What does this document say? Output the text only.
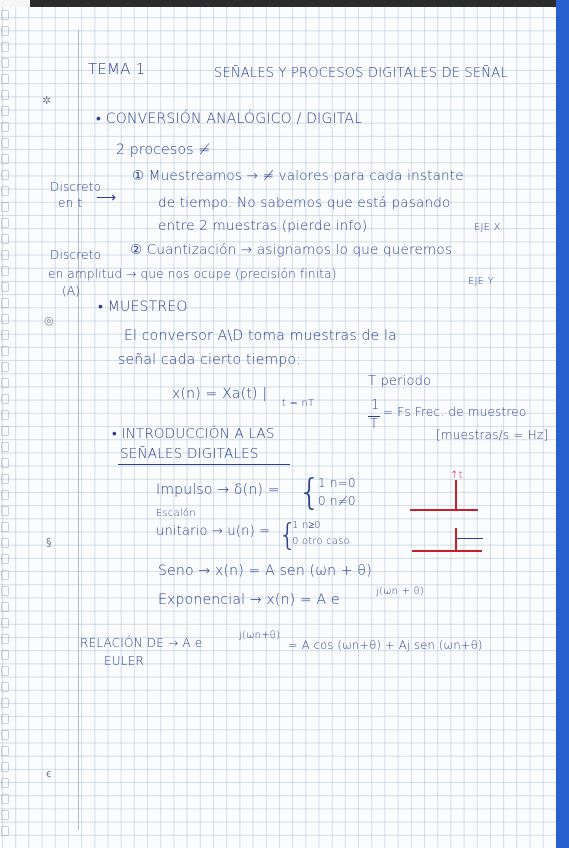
TEMA 1	SEÑALES Y PROCESOS DIGITALES DE SEÑAL
• CONVERSIÓN ANALÓGICO / DIGITAL
2 procesos ≠
Discreto
en t ⟶
① Muestreamos → ≠ valores para cada instante
de tiempo. No sabemos que está pasando
entre 2 muestras (pierde info)	EJE X
Discreto
en amplitud → que nos ocupe (precisión finita)
(A)
EJE Y
② Cuantización → asignamos lo que queremos
• MUESTREO
El conversor A\D toma muestras de la
señal cada cierto tiempo:
x(n) = Xa(t) |
t = nT
T periodo
1
T
= Fs Frec. de muestreo
[muestras/s = Hz]
• INTRODUCCIÓN A LAS
SEÑALES DIGITALES
Impulso → δ(n) = {
1 n=0
0 n≠0
Escalón
unitario → u(n) = {
1 n≥0
0 otro caso
↑t
Seno → x(n) = A sen (ωn + θ)
Exponencial → x(n) = A e
j(ωn + θ)
RELACIÓN DE → A e
j(ωn+θ)
= A cos (ωn+θ) + Aj sen (ωn+θ)
EULER
✲
◎
§
ꞓ
